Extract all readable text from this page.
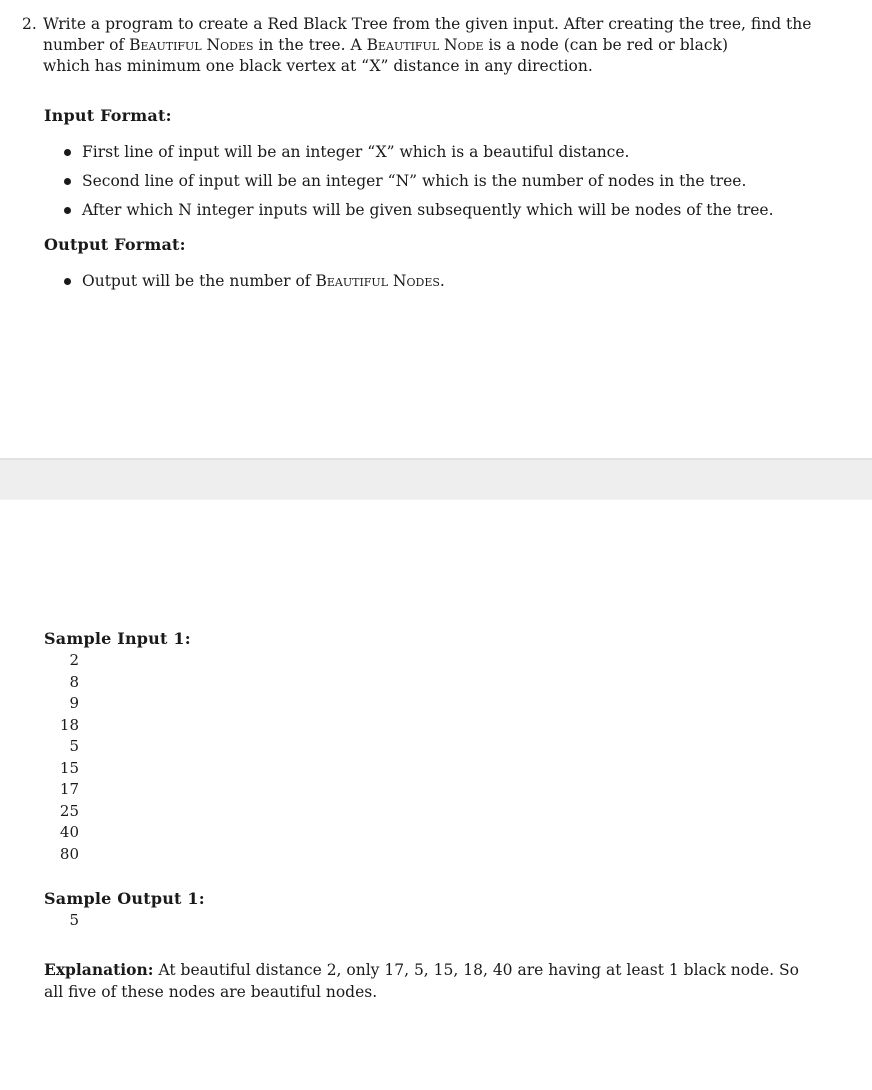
2. Write a program to create a Red Black Tree from the given input. After creating the tree, find the
number of Beautiful Nodes in the tree. A Beautiful Node is a node (can be red or black)
which has minimum one black vertex at “X” distance in any direction.
Input Format:
First line of input will be an integer “X” which is a beautiful distance.
Second line of input will be an integer “N” which is the number of nodes in the tree.
After which N integer inputs will be given subsequently which will be nodes of the tree.
Output Format:
Output will be the number of Beautiful Nodes.
Sample Input 1:
2
8
9
18
5
15
17
25
40
80
Sample Output 1:
5
Explanation: At beautiful distance 2, only 17, 5, 15, 18, 40 are having at least 1 black node. So all five of these nodes are beautiful nodes.
